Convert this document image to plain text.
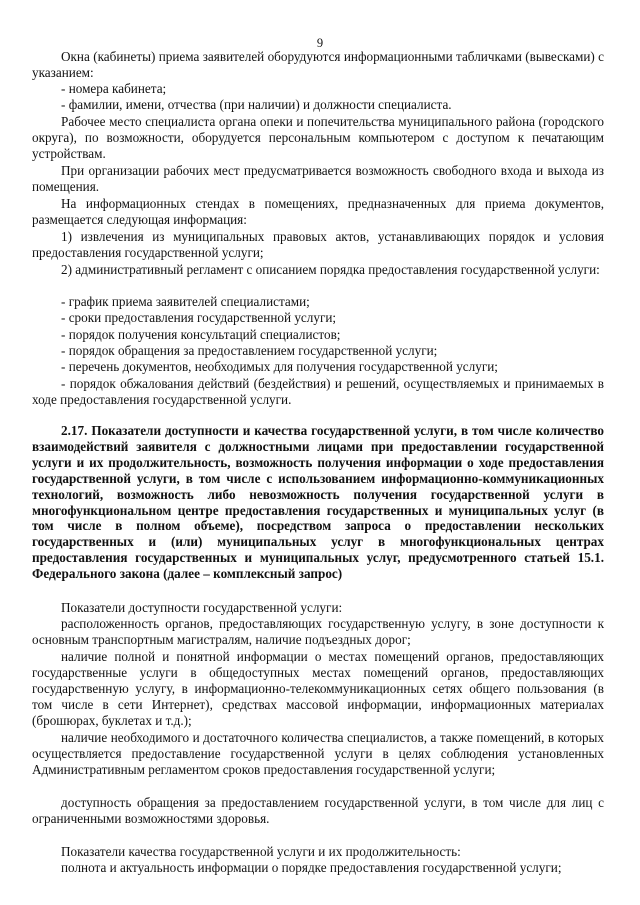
9

Окна (кабинеты) приема заявителей оборудуются информационными табличками (вывесками) с указанием:

- номера кабинета;

- фамилии, имени, отчества (при наличии) и должности специалиста.

Рабочее место специалиста органа опеки и попечительства муниципального района (городского округа), по возможности, оборудуется персональным компьютером с доступом к печатающим устройствам.

При организации рабочих мест предусматривается возможность свободного входа и выхода из помещения.

На информационных стендах в помещениях, предназначенных для приема документов, размещается следующая информация:

1) извлечения из муниципальных правовых актов, устанавливающих порядок и условия предоставления государственной услуги;

2) административный регламент с описанием порядка предоставления государственной услуги:

- график приема заявителей специалистами;

- сроки предоставления государственной услуги;

- порядок получения консультаций специалистов;

- порядок обращения за предоставлением государственной услуги;

- перечень документов, необходимых для получения государственной услуги;

- порядок обжалования действий (бездействия) и решений, осуществляемых и принимаемых в ходе предоставления государственной услуги.

2.17. Показатели доступности и качества государственной услуги, в том числе количество взаимодействий заявителя с должностными лицами при предоставлении государственной услуги и их продолжительность, возможность получения информации о ходе предоставления государственной услуги, в том числе с использованием информационно-коммуникационных технологий, возможность либо невозможность получения государственной услуги в многофункциональном центре предоставления государственных и муниципальных услуг (в том числе в полном объеме), посредством запроса о предоставлении нескольких государственных и (или) муниципальных услуг в многофункциональных центрах предоставления государственных и муниципальных услуг, предусмотренного статьей 15.1. Федерального закона (далее – комплексный запрос)

Показатели доступности государственной услуги:

расположенность органов, предоставляющих государственную услугу, в зоне доступности к основным транспортным магистралям, наличие подъездных дорог;

наличие полной и понятной информации о местах помещений органов, предоставляющих государственные услуги в общедоступных местах помещений органов, предоставляющих государственную услугу, в информационно-телекоммуникационных сетях общего пользования (в том числе в сети Интернет), средствах массовой информации, информационных материалах (брошюрах, буклетах и т.д.);

наличие необходимого и достаточного количества специалистов, а также помещений, в которых осуществляется предоставление государственной услуги в целях соблюдения установленных Административным регламентом сроков предоставления государственной услуги;

доступность обращения за предоставлением государственной услуги, в том числе для лиц с ограниченными возможностями здоровья.

Показатели качества государственной услуги и их продолжительность:

полнота и актуальность информации о порядке предоставления государственной услуги;
